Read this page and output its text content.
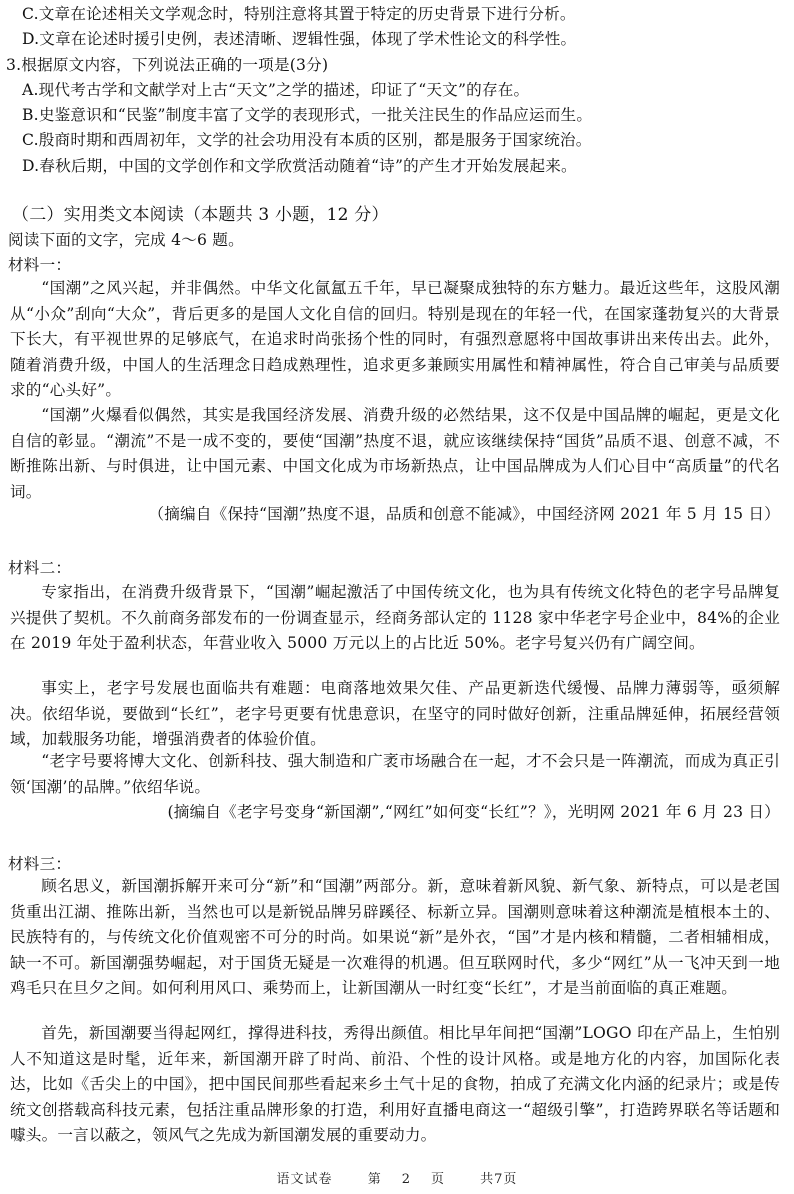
C.文章在论述相关文学观念时，特别注意将其置于特定的历史背景下进行分析。
D.文章在论述时援引史例，表述清晰、逻辑性强，体现了学术性论文的科学性。
3.根据原文内容，下列说法正确的一项是(3分)
A.现代考古学和文献学对上古“天文”之学的描述，印证了“天文”的存在。
B.史鉴意识和“民鉴”制度丰富了文学的表现形式，一批关注民生的作品应运而生。
C.殷商时期和西周初年，文学的社会功用没有本质的区别，都是服务于国家统治。
D.春秋后期，中国的文学创作和文学欣赏活动随着“诗”的产生才开始发展起来。
（二）实用类文本阅读（本题共 3 小题，12 分）
阅读下面的文字，完成 4～6 题。
材料一：
“国潮”之风兴起，并非偶然。中华文化氤氲五千年，早已凝聚成独特的东方魅力。最近这些年，这股风潮从“小众”刮向“大众”，背后更多的是国人文化自信的回归。特别是现在的年轻一代，在国家蓬勃复兴的大背景下长大，有平视世界的足够底气，在追求时尚张扬个性的同时，有强烈意愿将中国故事讲出来传出去。此外，随着消费升级，中国人的生活理念日趋成熟理性，追求更多兼顾实用属性和精神属性，符合自己审美与品质要求的“心头好”。
“国潮”火爆看似偶然，其实是我国经济发展、消费升级的必然结果，这不仅是中国品牌的崛起，更是文化自信的彰显。“潮流”不是一成不变的，要使“国潮”热度不退，就应该继续保持“国货”品质不退、创意不减，不断推陈出新、与时俱进，让中国元素、中国文化成为市场新热点，让中国品牌成为人们心目中“高质量”的代名词。
（摘编自《保持“国潮”热度不退，品质和创意不能减》，中国经济网 2021 年 5 月 15 日）
材料二：
专家指出，在消费升级背景下，“国潮”崛起激活了中国传统文化，也为具有传统文化特色的老字号品牌复兴提供了契机。不久前商务部发布的一份调查显示，经商务部认定的 1128 家中华老字号企业中，84%的企业在 2019 年处于盈利状态，年营业收入 5000 万元以上的占比近 50%。老字号复兴仍有广阔空间。
事实上，老字号发展也面临共有难题：电商落地效果欠佳、产品更新迭代缓慢、品牌力薄弱等，亟须解决。依绍华说，要做到“长红”，老字号更要有忧患意识，在坚守的同时做好创新，注重品牌延伸，拓展经营领域，加载服务功能，增强消费者的体验价值。
“老字号要将博大文化、创新科技、强大制造和广袤市场融合在一起，才不会只是一阵潮流，而成为真正引领‘国潮’的品牌。”依绍华说。
(摘编自《老字号变身“新国潮”,“网红”如何变“长红”？》，光明网 2021 年 6 月 23 日）
材料三：
顾名思义，新国潮拆解开来可分“新”和“国潮”两部分。新，意味着新风貌、新气象、新特点，可以是老国货重出江湖、推陈出新，当然也可以是新锐品牌另辟蹊径、标新立异。国潮则意味着这种潮流是植根本土的、民族特有的，与传统文化价值观密不可分的时尚。如果说“新”是外衣，“国”才是内核和精髓，二者相辅相成，缺一不可。新国潮强势崛起，对于国货无疑是一次难得的机遇。但互联网时代，多少“网红”从一飞冲天到一地鸡毛只在旦夕之间。如何利用风口、乘势而上，让新国潮从一时红变“长红”，才是当前面临的真正难题。
首先，新国潮要当得起网红，撑得进科技，秀得出颜值。相比早年间把“国潮”LOGO 印在产品上，生怕别人不知道这是时髦，近年来，新国潮开辟了时尚、前沿、个性的设计风格。或是地方化的内容，加国际化表达，比如《舌尖上的中国》，把中国民间那些看起来乡土气十足的食物，拍成了充满文化内涵的纪录片；或是传统文创搭载高科技元素，包括注重品牌形象的打造，利用好直播电商这一“超级引擎”，打造跨界联名等话题和噱头。一言以蔽之，领风气之先成为新国潮发展的重要动力。
语文试卷	第 2 页	共7页
